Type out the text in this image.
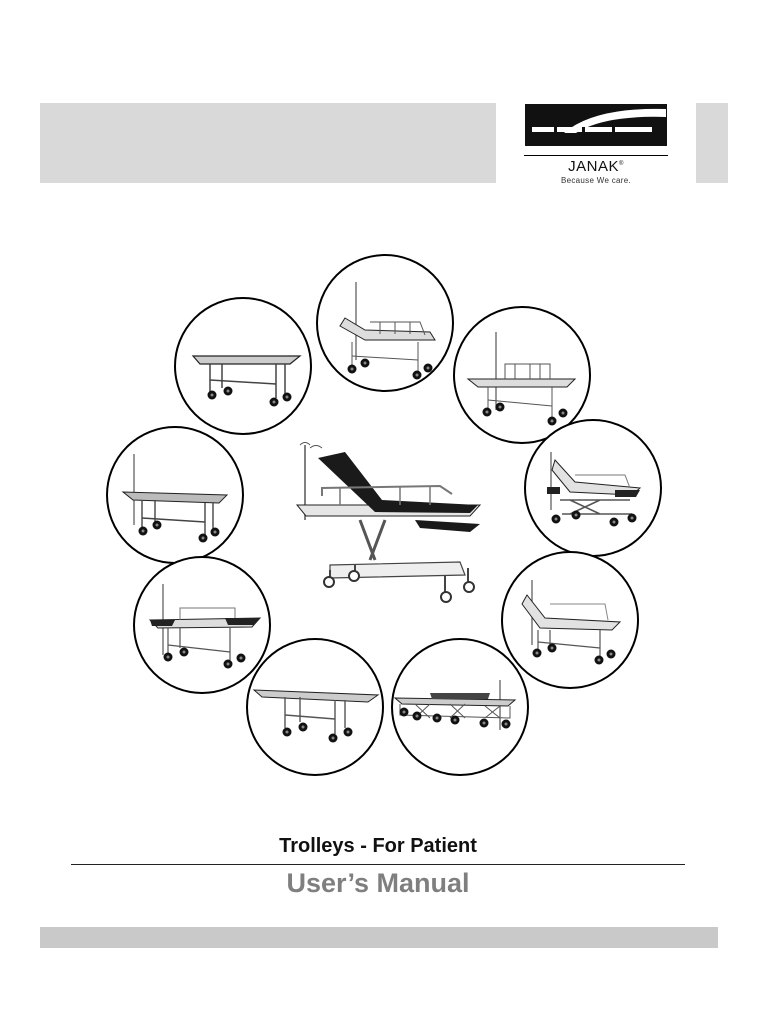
JANAK®
Because We care.
Trolleys - For Patient
User’s Manual
